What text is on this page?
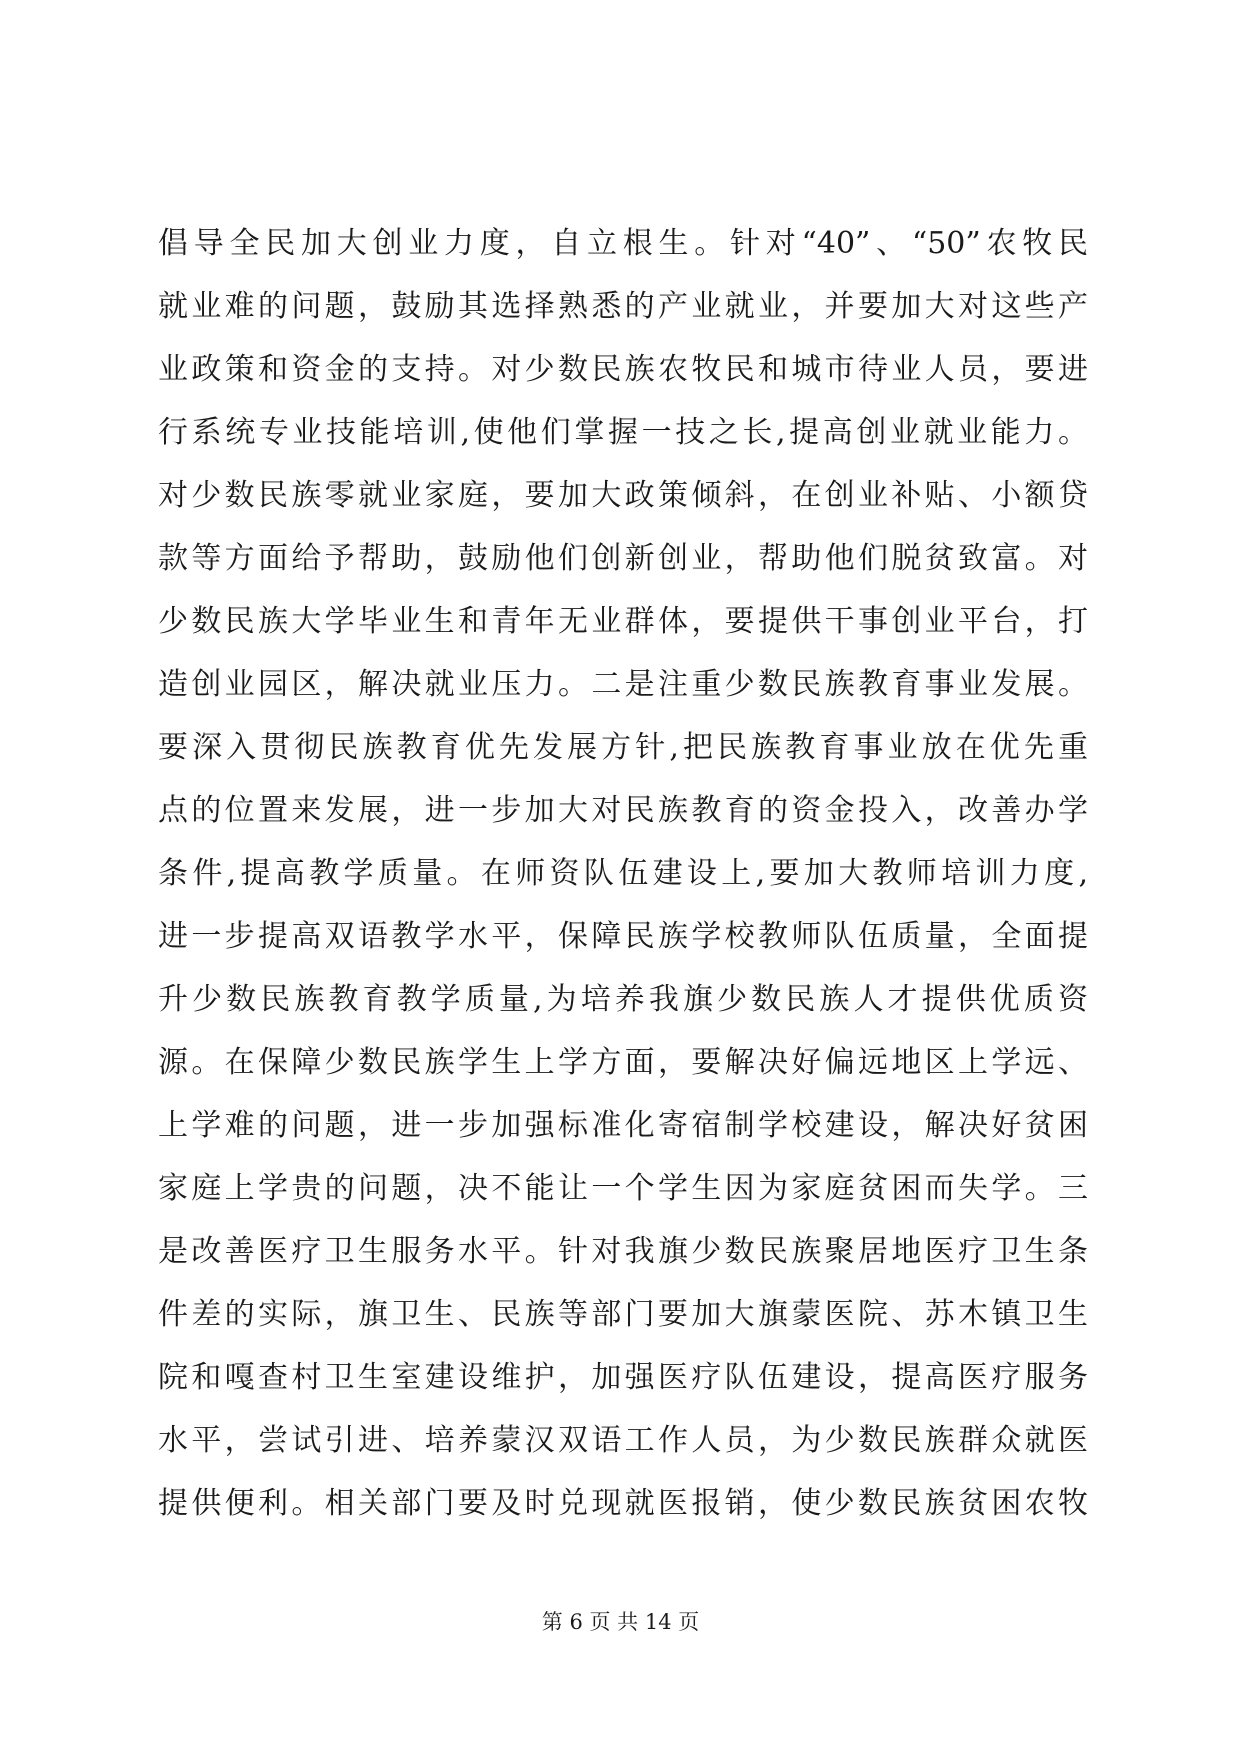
倡导全民加大创业力度，自立根生。针对“40”、“50”农牧民
就业难的问题，鼓励其选择熟悉的产业就业，并要加大对这些产
业政策和资金的支持。对少数民族农牧民和城市待业人员，要进
行系统专业技能培训,使他们掌握一技之长,提高创业就业能力。
对少数民族零就业家庭，要加大政策倾斜，在创业补贴、小额贷
款等方面给予帮助，鼓励他们创新创业，帮助他们脱贫致富。对
少数民族大学毕业生和青年无业群体，要提供干事创业平台，打
造创业园区，解决就业压力。二是注重少数民族教育事业发展。
要深入贯彻民族教育优先发展方针,把民族教育事业放在优先重
点的位置来发展，进一步加大对民族教育的资金投入，改善办学
条件,提高教学质量。在师资队伍建设上,要加大教师培训力度,
进一步提高双语教学水平，保障民族学校教师队伍质量，全面提
升少数民族教育教学质量,为培养我旗少数民族人才提供优质资
源。在保障少数民族学生上学方面，要解决好偏远地区上学远、
上学难的问题，进一步加强标准化寄宿制学校建设，解决好贫困
家庭上学贵的问题，决不能让一个学生因为家庭贫困而失学。三
是改善医疗卫生服务水平。针对我旗少数民族聚居地医疗卫生条
件差的实际，旗卫生、民族等部门要加大旗蒙医院、苏木镇卫生
院和嘎查村卫生室建设维护，加强医疗队伍建设，提高医疗服务
水平，尝试引进、培养蒙汉双语工作人员，为少数民族群众就医
提供便利。相关部门要及时兑现就医报销，使少数民族贫困农牧
第 6 页 共 14 页
